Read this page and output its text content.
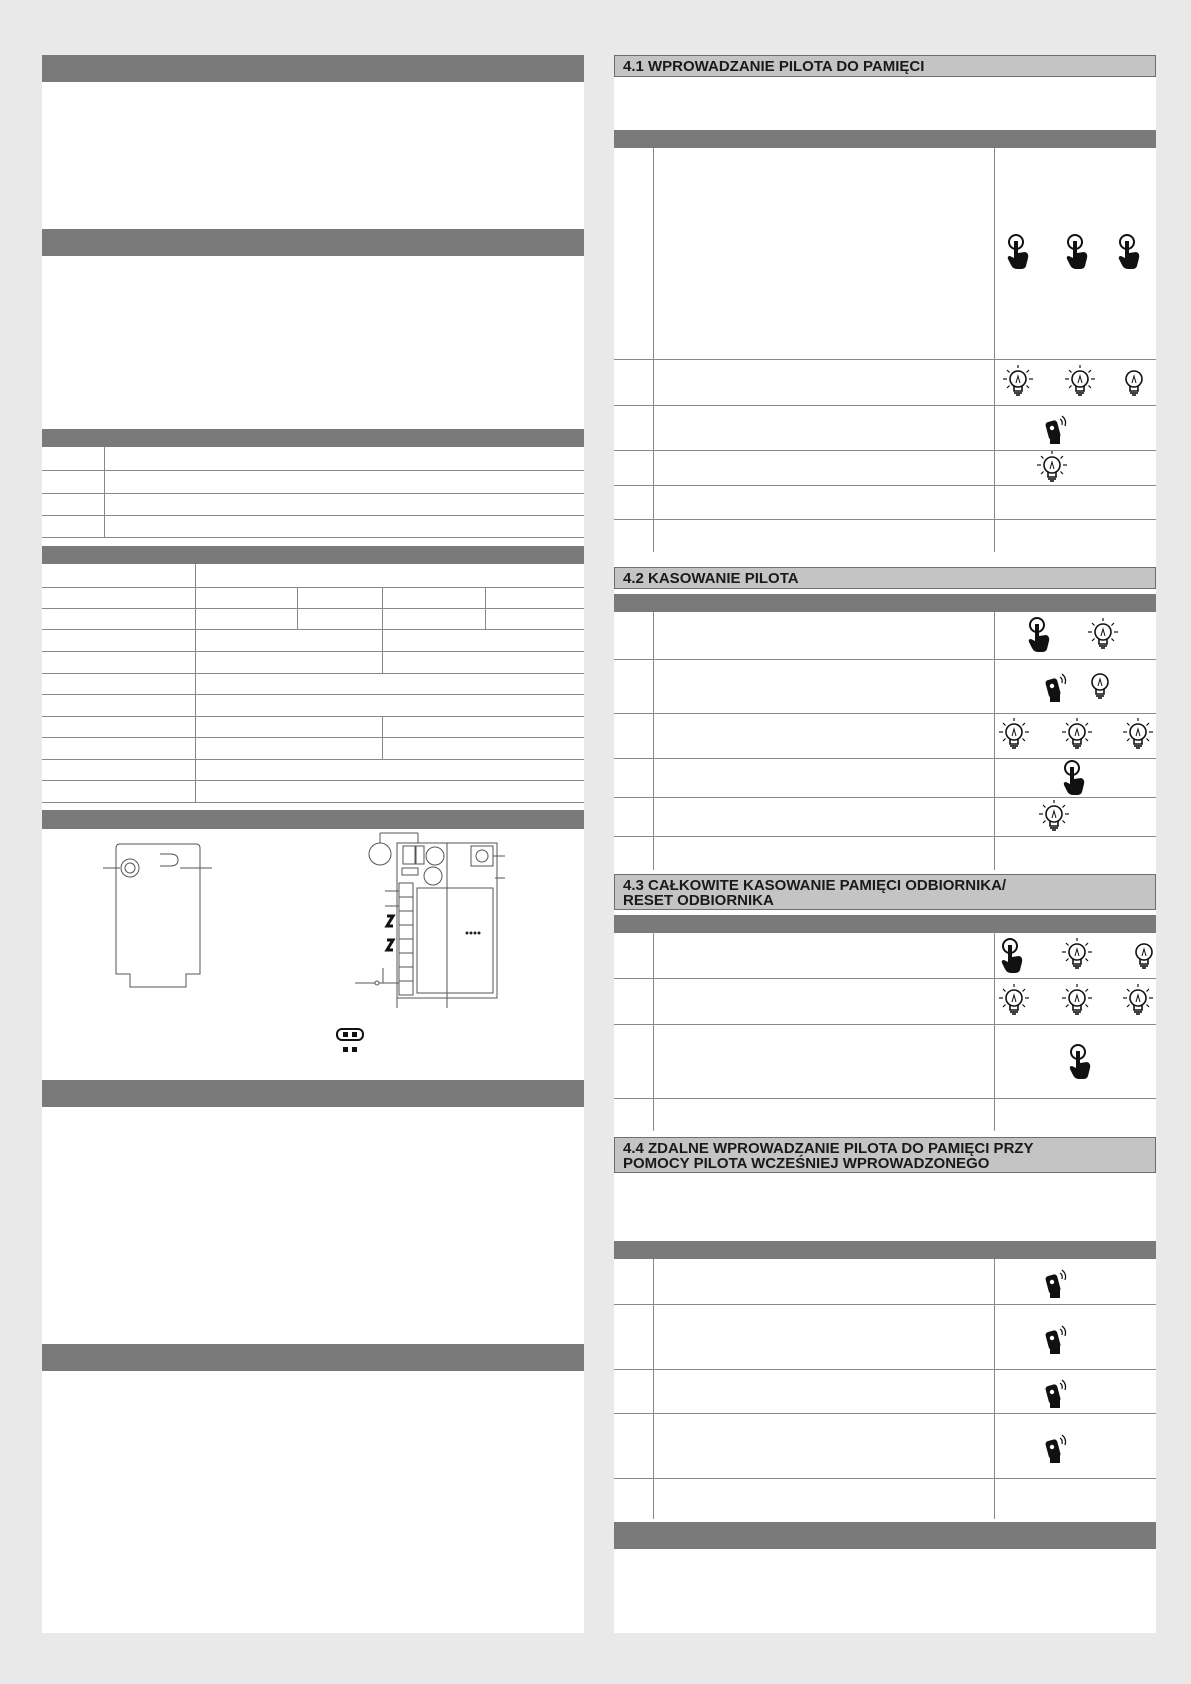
4.1 WPROWADZANIE PILOTA DO PAMIĘCI
4.2 KASOWANIE PILOTA
4.3 CAŁKOWITE KASOWANIE PAMIĘCI ODBIORNIKA/
RESET ODBIORNIKA
4.4 ZDALNE WPROWADZANIE PILOTA DO PAMIĘCI PRZY
POMOCY PILOTA WCZEŚNIEJ WPROWADZONEGO
